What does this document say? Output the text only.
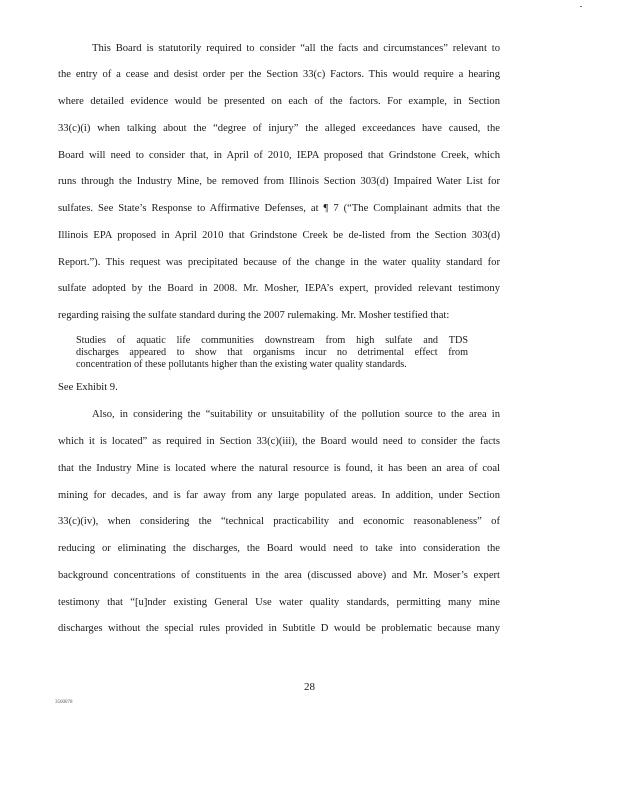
This Board is statutorily required to consider “all the facts and circumstances” relevant to
the entry of a cease and desist order per the Section 33(c) Factors. This would require a hearing
where detailed evidence would be presented on each of the factors. For example, in Section
33(c)(i) when talking about the “degree of injury” the alleged exceedances have caused, the
Board will need to consider that, in April of 2010, IEPA proposed that Grindstone Creek, which
runs through the Industry Mine, be removed from Illinois Section 303(d) Impaired Water List for
sulfates. See State’s Response to Affirmative Defenses, at ¶ 7 (“The Complainant admits that the
Illinois EPA proposed in April 2010 that Grindstone Creek be de-listed from the Section 303(d)
Report.”). This request was precipitated because of the change in the water quality standard for
sulfate adopted by the Board in 2008. Mr. Mosher, IEPA’s expert, provided relevant testimony
regarding raising the sulfate standard during the 2007 rulemaking. Mr. Mosher testified that:
Studies of aquatic life communities downstream from high sulfate and TDS
discharges appeared to show that organisms incur no detrimental effect from
concentration of these pollutants higher than the existing water quality standards.
See Exhibit 9.
Also, in considering the “suitability or unsuitability of the pollution source to the area in
which it is located” as required in Section 33(c)(iii), the Board would need to consider the facts
that the Industry Mine is located where the natural resource is found, it has been an area of coal
mining for decades, and is far away from any large populated areas. In addition, under Section
33(c)(iv), when considering the “technical practicability and economic reasonableness” of
reducing or eliminating the discharges, the Board would need to take into consideration the
background concentrations of constituents in the area (discussed above) and Mr. Moser’s expert
testimony that “[u]nder existing General Use water quality standards, permitting many mine
discharges without the special rules provided in Subtitle D would be problematic because many
28
3560078
